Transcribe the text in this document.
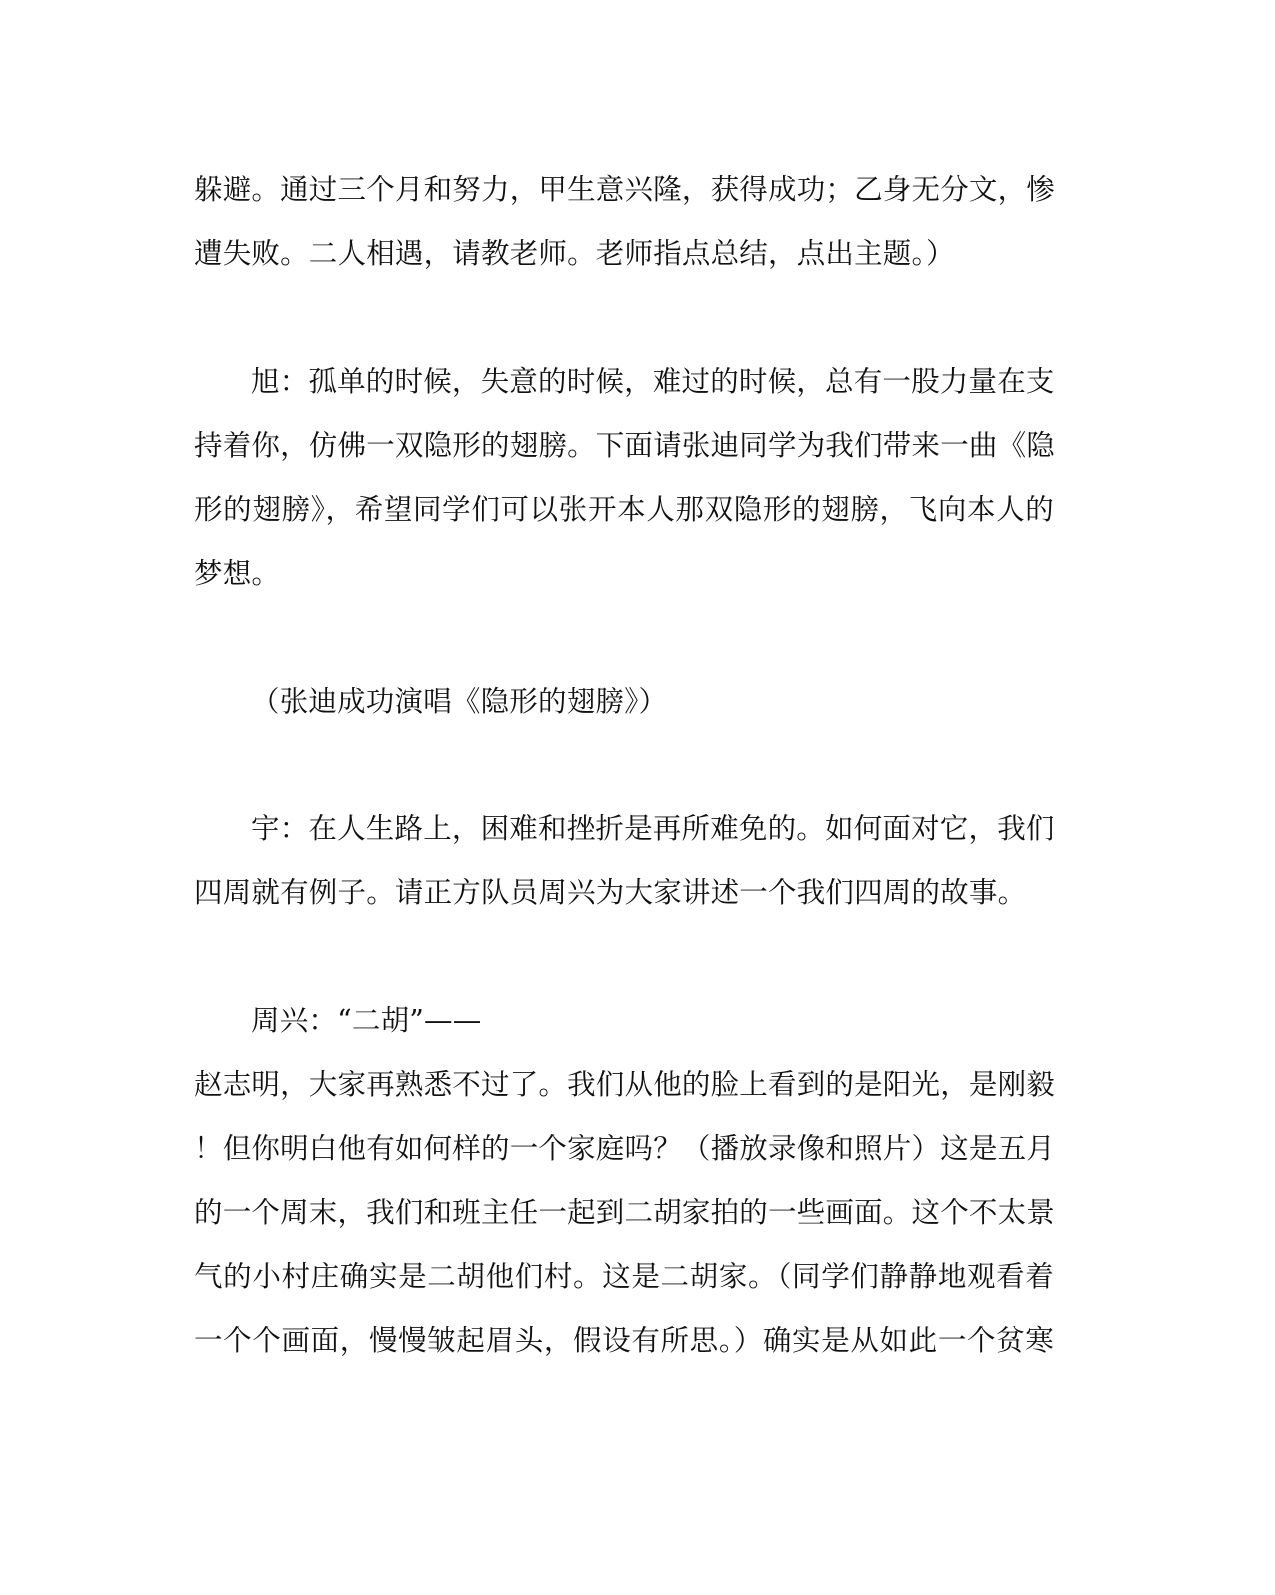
躲避。通过三个月和努力，甲生意兴隆，获得成功；乙身无分文，惨
遭失败。二人相遇，请教老师。老师指点总结，点出主题。）
旭：孤单的时候，失意的时候，难过的时候，总有一股力量在支
持着你，仿佛一双隐形的翅膀。下面请张迪同学为我们带来一曲《隐
形的翅膀》，希望同学们可以张开本人那双隐形的翅膀，飞向本人的
梦想。
（张迪成功演唱《隐形的翅膀》）
宇：在人生路上，困难和挫折是再所难免的。如何面对它，我们
四周就有例子。请正方队员周兴为大家讲述一个我们四周的故事。
周兴：“二胡”——
赵志明，大家再熟悉不过了。我们从他的脸上看到的是阳光，是刚毅
！但你明白他有如何样的一个家庭吗？（播放录像和照片）这是五月
的一个周末，我们和班主任一起到二胡家拍的一些画面。这个不太景
气的小村庄确实是二胡他们村。这是二胡家。（同学们静静地观看着
一个个画面，慢慢皱起眉头，假设有所思。）确实是从如此一个贫寒
